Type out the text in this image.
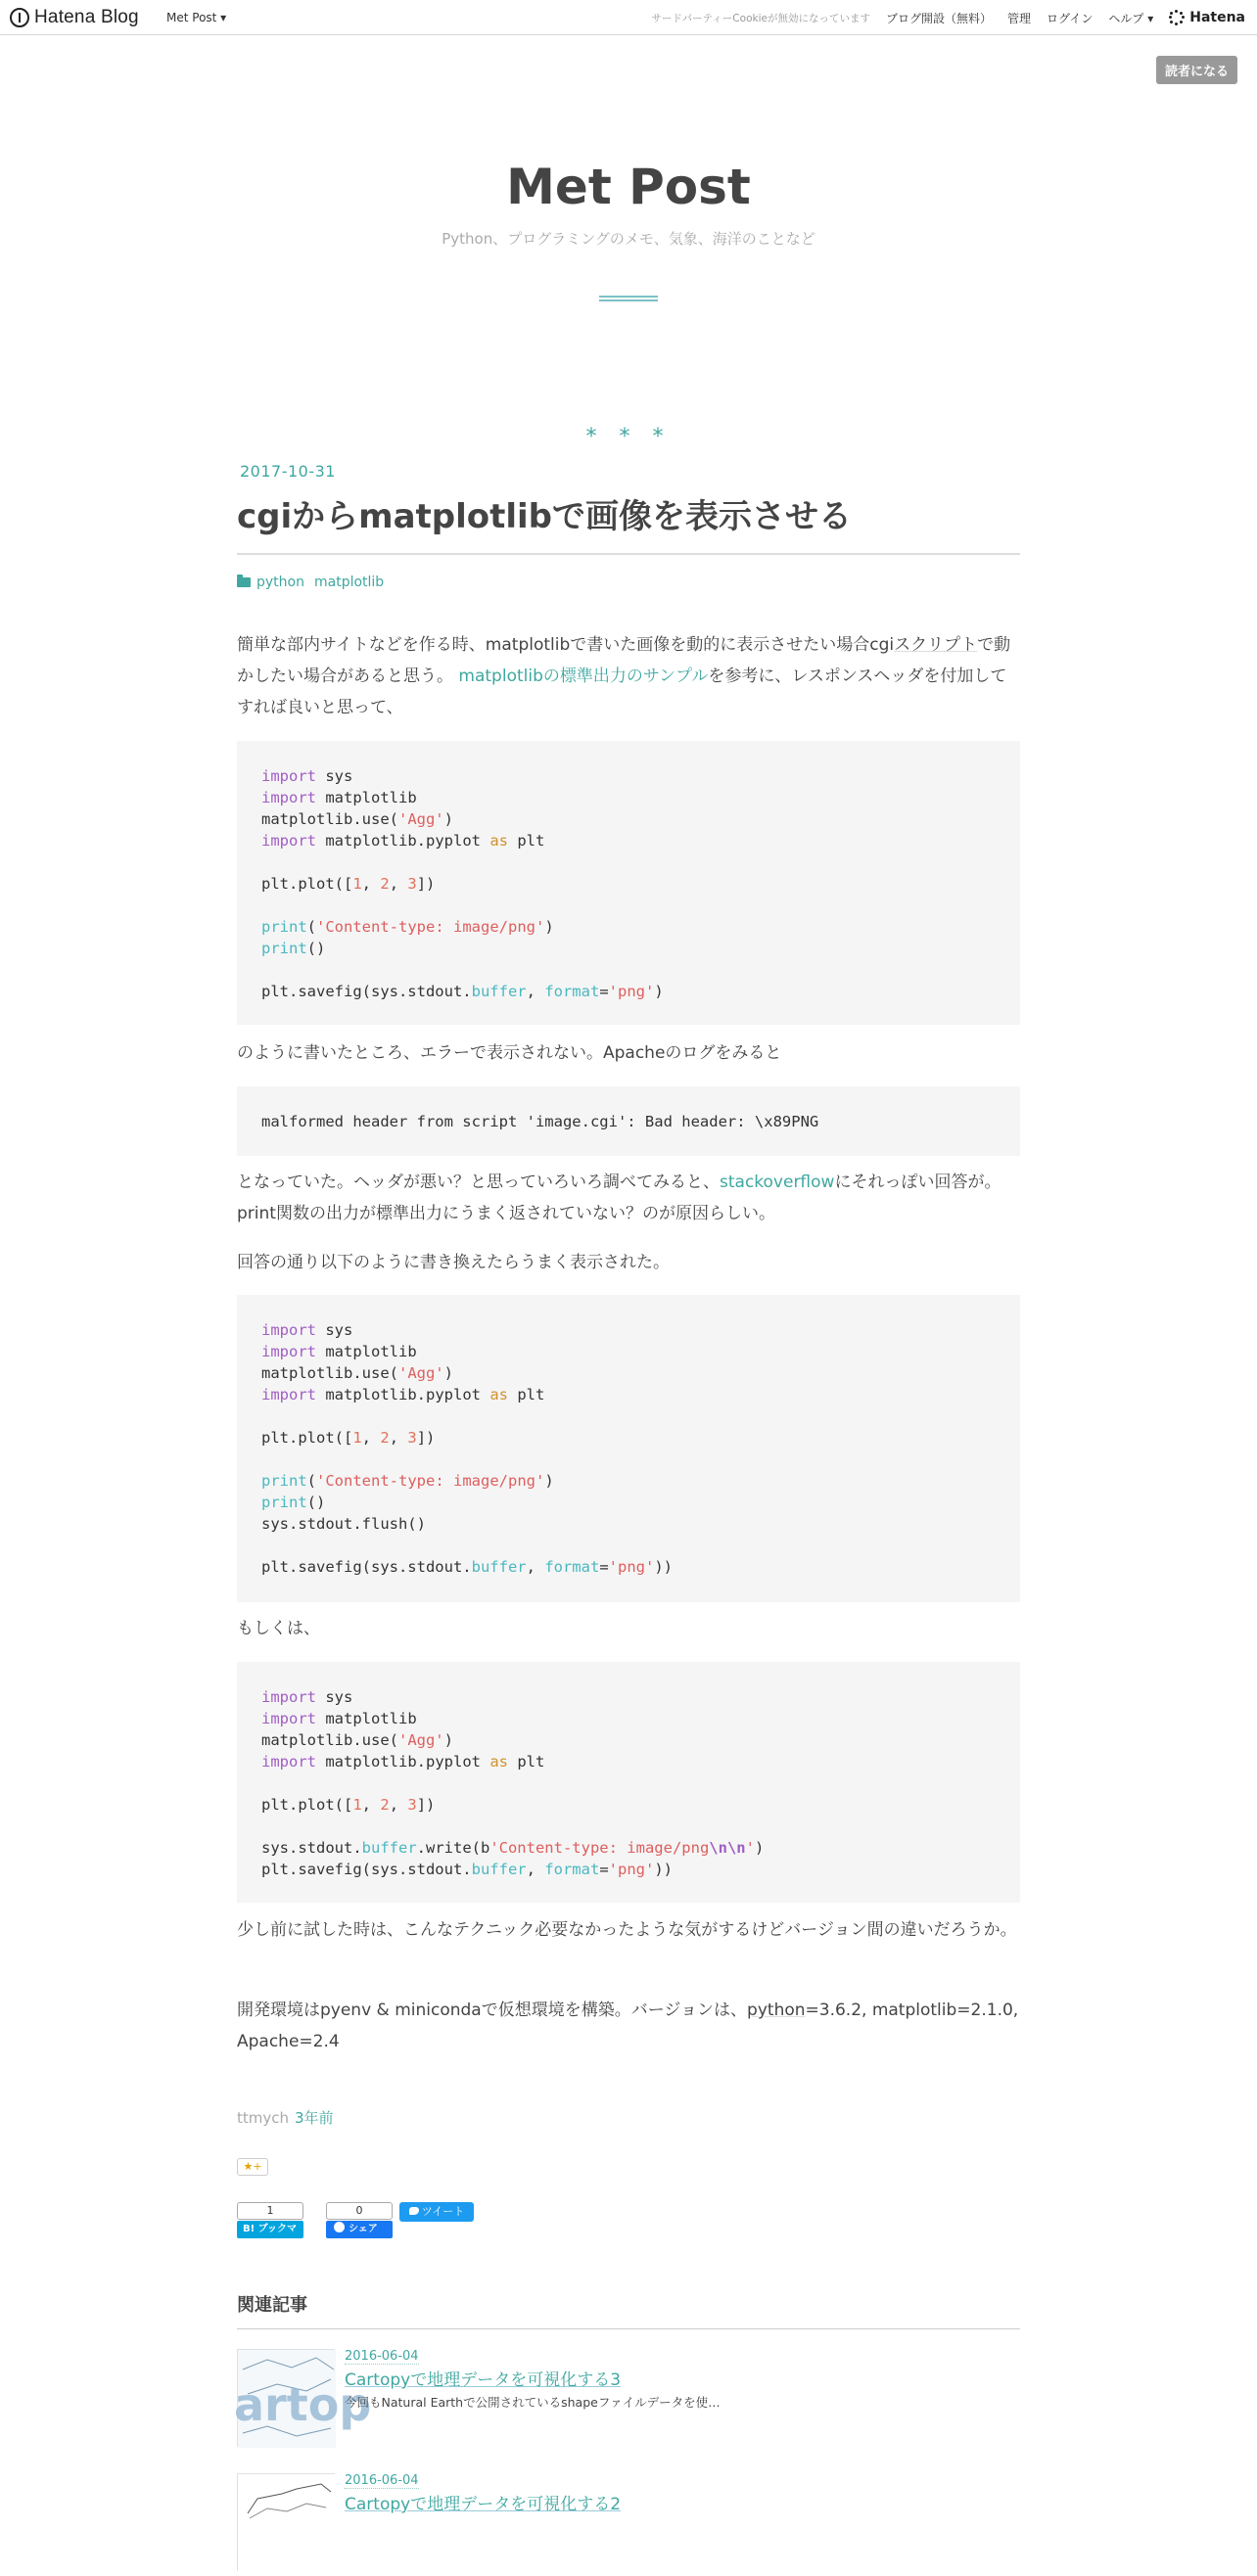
Hatena Blog Met Post ▾	サードパーティーCookieが無効になっています ブログ開設（無料） 管理 ログイン ヘルプ ▾	Hatena
読者になる
Met Post
Python、プログラミングのメモ、気象、海洋のことなど
* * *
2017-10-31
cgiからmatplotlibで画像を表示させる
python matplotlib

簡単な部内サイトなどを作る時、matplotlibで書いた画像を動的に表示させたい場合cgiスクリプトで動かしたい場合があると思う。 matplotlibの標準出力のサンプルを参考に、レスポンスヘッダを付加してすれば良いと思って、

import sys
import matplotlib
matplotlib.use('Agg')
import matplotlib.pyplot as plt

plt.plot([1, 2, 3])

print('Content-type: image/png')
print()

plt.savefig(sys.stdout.buffer, format='png')

のように書いたところ、エラーで表示されない。Apacheのログをみると

malformed header from script 'image.cgi': Bad header: \x89PNG

となっていた。ヘッダが悪い？と思っていろいろ調べてみると、stackoverflowにそれっぽい回答が。print関数の出力が標準出力にうまく返されていない？のが原因らしい。

回答の通り以下のように書き換えたらうまく表示された。

import sys
import matplotlib
matplotlib.use('Agg')
import matplotlib.pyplot as plt

plt.plot([1, 2, 3])

print('Content-type: image/png')
print()
sys.stdout.flush()

plt.savefig(sys.stdout.buffer, format='png'))

もしくは、

import sys
import matplotlib
matplotlib.use('Agg')
import matplotlib.pyplot as plt

plt.plot([1, 2, 3])

sys.stdout.buffer.write(b'Content-type: image/png\n\n')
plt.savefig(sys.stdout.buffer, format='png'))

少し前に試した時は、こんなテクニック必要なかったような気がするけどバージョン間の違いだろうか。

開発環境はpyenv & minicondaで仮想環境を構築。バージョンは、python=3.6.2, matplotlib=2.1.0, Apache=2.4

ttmych 3年前
★+
1
B! ブックマーク
0
シェア
ツイート
関連記事
artop
2016-06-04
Cartopyで地理データを可視化する3
今回もNatural Earthで公開されているshapeファイルデータを使…
2016-06-04
Cartopyで地理データを可視化する2
